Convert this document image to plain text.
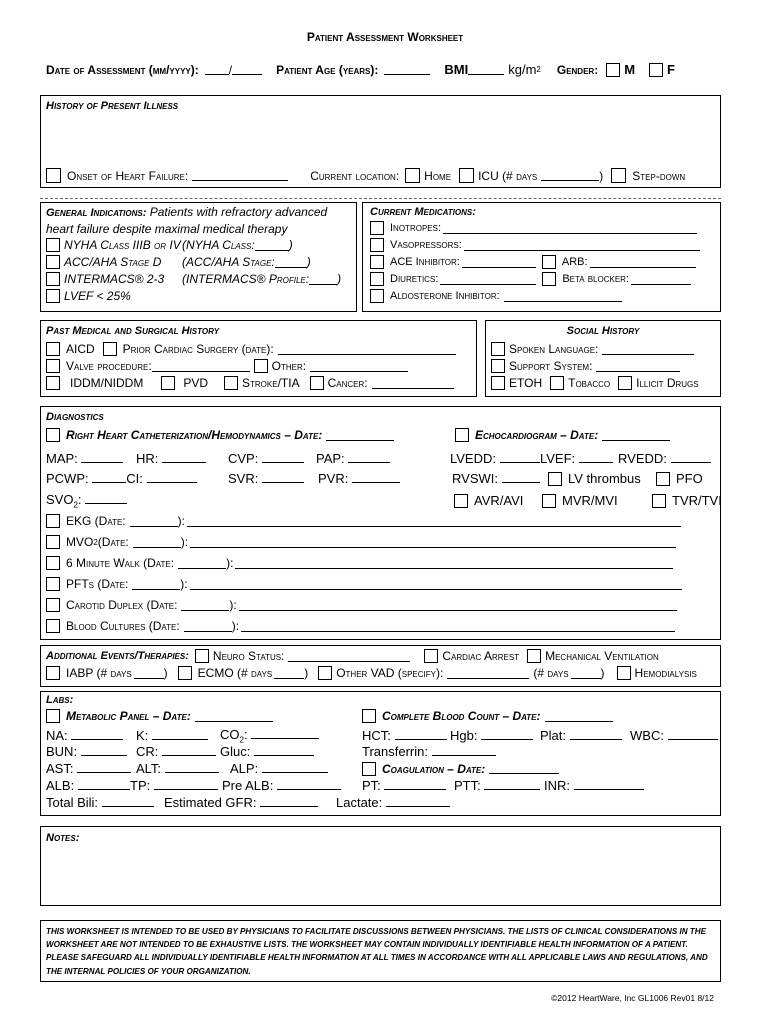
Patient Assessment Worksheet
Date of Assessment (mm/yyyy):	/	Patient Age (years):	BMI	kg/m 2 Gender: M F
History of Present Illness
Onset of Heart Failure:	Current location: Home ICU (# days	) Step-down
General Indications: Patients with refractory advanced
heart failure despite maximal medical therapy
NYHA Class IIIB or IV (NYHA Class:	)
ACC/AHA Stage D	(ACC/AHA Stage:	)
INTERMACS® 2-3	(INTERMACS® Profile: )
LVEF < 25%
Current Medications:
Inotropes:
Vasopressors:
ACE Inhibitor:	ARB:
Diuretics:	Beta blocker:
Aldosterone Inhibitor:
Past Medical and Surgical History
AICD Prior Cardiac Surgery (date):
Valve procedure:	Other:
IDDM/NIDDM	PVD	Stroke/TIA Cancer:
Social History
Spoken Language:
Support System:
ETOH Tobacco Illicit Drugs
Diagnostics
Right Heart Catheterization/Hemodynamics – Date:	Echocardiogram – Date:
MAP:	HR:	CVP:	PAP:	LVEDD:	LVEF:	RVEDD:
PCWP:	CI:	SVR:	PVR:	RVSWI:	LV thrombus	PFO
$SVO_2$:	AVR/AVI	MVR/MVI	TVR/TVI
EKG (Date:	):
MVO 2 (Date:	):
6 Minute Walk (Date:	):
PFTs (Date:	):
Carotid Duplex (Date:	):
Blood Cultures (Date:	):
Additional Events/Therapies: Neuro Status:	Cardiac Arrest Mechanical Ventilation
IABP (# days	)	ECMO (# days	) Other VAD (specify):	(# days	)	Hemodialysis
Labs:
Metabolic Panel – Date:	Complete Blood Count – Date:
NA:	K:	$CO_2$:	HCT:	Hgb:	Plat:	WBC:
BUN:	CR:	Gluc:	Transferrin:
AST:	ALT:	ALP:	Coagulation – Date:
ALB:	TP:	Pre ALB:	PT:	PTT:	INR:
Total Bili:	Estimated GFR:	Lactate:
Notes:
THIS WORKSHEET IS INTENDED TO BE USED BY PHYSICIANS TO FACILITATE DISCUSSIONS BETWEEN PHYSICIANS. THE LISTS OF CLINICAL CONSIDERATIONS IN THE WORKSHEET ARE NOT INTENDED TO BE EXHAUSTIVE LISTS. THE WORKSHEET MAY CONTAIN INDIVIDUALLY IDENTIFIABLE HEALTH INFORMATION OF A PATIENT. PLEASE SAFEGUARD ALL INDIVIDUALLY IDENTIFIABLE HEALTH INFORMATION AT ALL TIMES IN ACCORDANCE WITH ALL APPLICABLE LAWS AND REGULATIONS, AND THE INTERNAL POLICIES OF YOUR ORGANIZATION.
©2012 HeartWare, Inc GL1006 Rev01 8/12
